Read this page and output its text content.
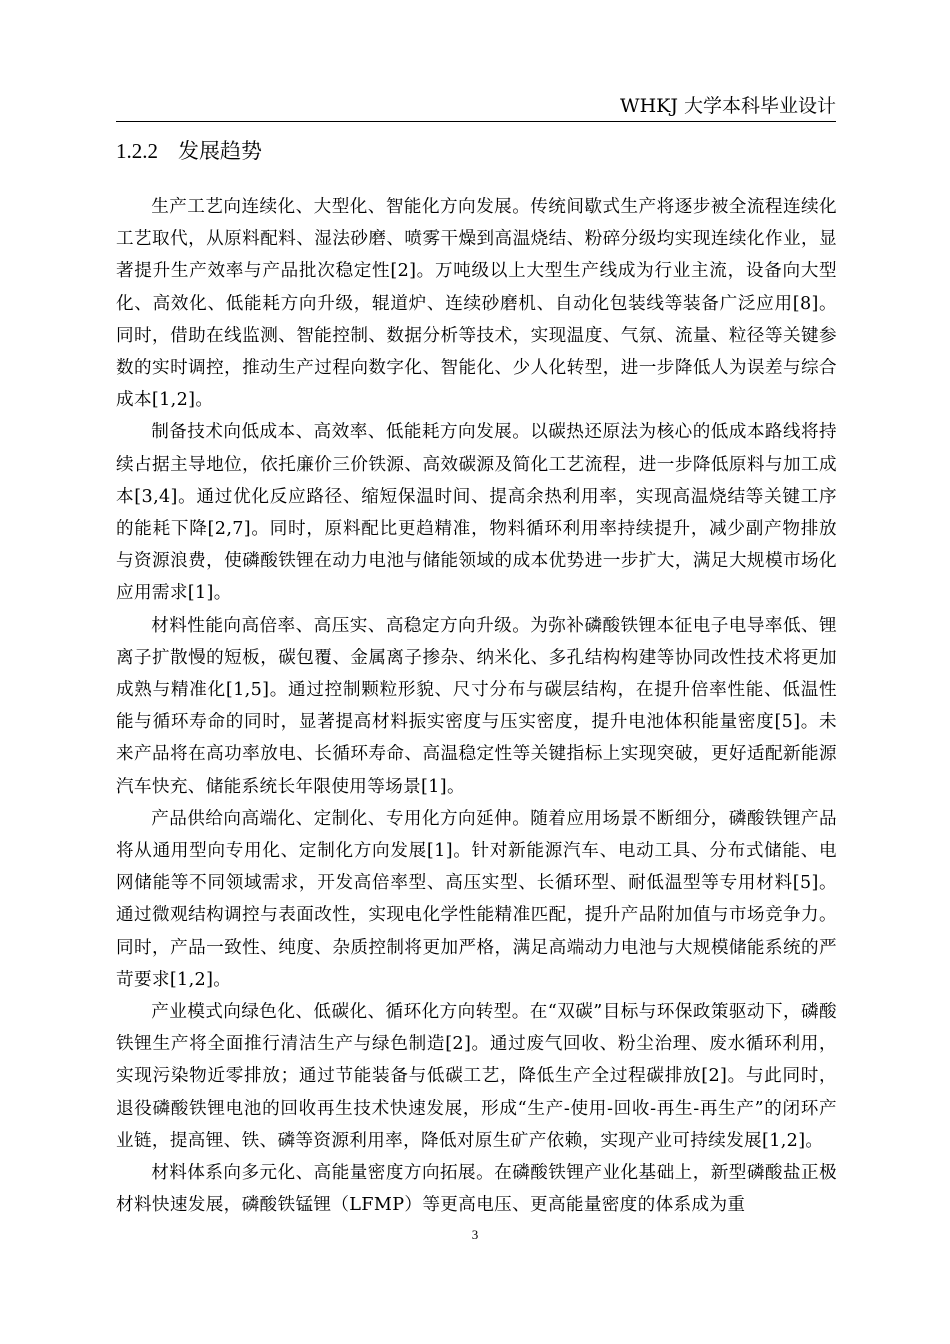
WHKJ 大学本科毕业设计
1.2.2 发展趋势

生产工艺向连续化、大型化、智能化方向发展。传统间歇式生产将逐步被全流程连续化工艺取代，从原料配料、湿法砂磨、喷雾干燥到高温烧结、粉碎分级均实现连续化作业，显著提升生产效率与产品批次稳定性[2]。万吨级以上大型生产线成为行业主流，设备向大型化、高效化、低能耗方向升级，辊道炉、连续砂磨机、自动化包装线等装备广泛应用[8]。同时，借助在线监测、智能控制、数据分析等技术，实现温度、气氛、流量、粒径等关键参数的实时调控，推动生产过程向数字化、智能化、少人化转型，进一步降低人为误差与综合成本[1,2]。

制备技术向低成本、高效率、低能耗方向发展。以碳热还原法为核心的低成本路线将持续占据主导地位，依托廉价三价铁源、高效碳源及简化工艺流程，进一步降低原料与加工成本[3,4]。通过优化反应路径、缩短保温时间、提高余热利用率，实现高温烧结等关键工序的能耗下降[2,7]。同时，原料配比更趋精准，物料循环利用率持续提升，减少副产物排放与资源浪费，使磷酸铁锂在动力电池与储能领域的成本优势进一步扩大，满足大规模市场化应用需求[1]。

材料性能向高倍率、高压实、高稳定方向升级。为弥补磷酸铁锂本征电子电导率低、锂离子扩散慢的短板，碳包覆、金属离子掺杂、纳米化、多孔结构构建等协同改性技术将更加成熟与精准化[1,5]。通过控制颗粒形貌、尺寸分布与碳层结构，在提升倍率性能、低温性能与循环寿命的同时，显著提高材料振实密度与压实密度，提升电池体积能量密度[5]。未来产品将在高功率放电、长循环寿命、高温稳定性等关键指标上实现突破，更好适配新能源汽车快充、储能系统长年限使用等场景[1]。

产品供给向高端化、定制化、专用化方向延伸。随着应用场景不断细分，磷酸铁锂产品将从通用型向专用化、定制化方向发展[1]。针对新能源汽车、电动工具、分布式储能、电网储能等不同领域需求，开发高倍率型、高压实型、长循环型、耐低温型等专用材料[5]。通过微观结构调控与表面改性，实现电化学性能精准匹配，提升产品附加值与市场竞争力。同时，产品一致性、纯度、杂质控制将更加严格，满足高端动力电池与大规模储能系统的严苛要求[1,2]。

产业模式向绿色化、低碳化、循环化方向转型。在“双碳”目标与环保政策驱动下，磷酸铁锂生产将全面推行清洁生产与绿色制造[2]。通过废气回收、粉尘治理、废水循环利用，实现污染物近零排放；通过节能装备与低碳工艺，降低生产全过程碳排放[2]。与此同时，退役磷酸铁锂电池的回收再生技术快速发展，形成“生产-使用-回收-再生-再生产”的闭环产业链，提高锂、铁、磷等资源利用率，降低对原生矿产依赖，实现产业可持续发展[1,2]。

材料体系向多元化、高能量密度方向拓展。在磷酸铁锂产业化基础上，新型磷酸盐正极材料快速发展，磷酸铁锰锂（LFMP）等更高电压、更高能量密度的体系成为重

3
